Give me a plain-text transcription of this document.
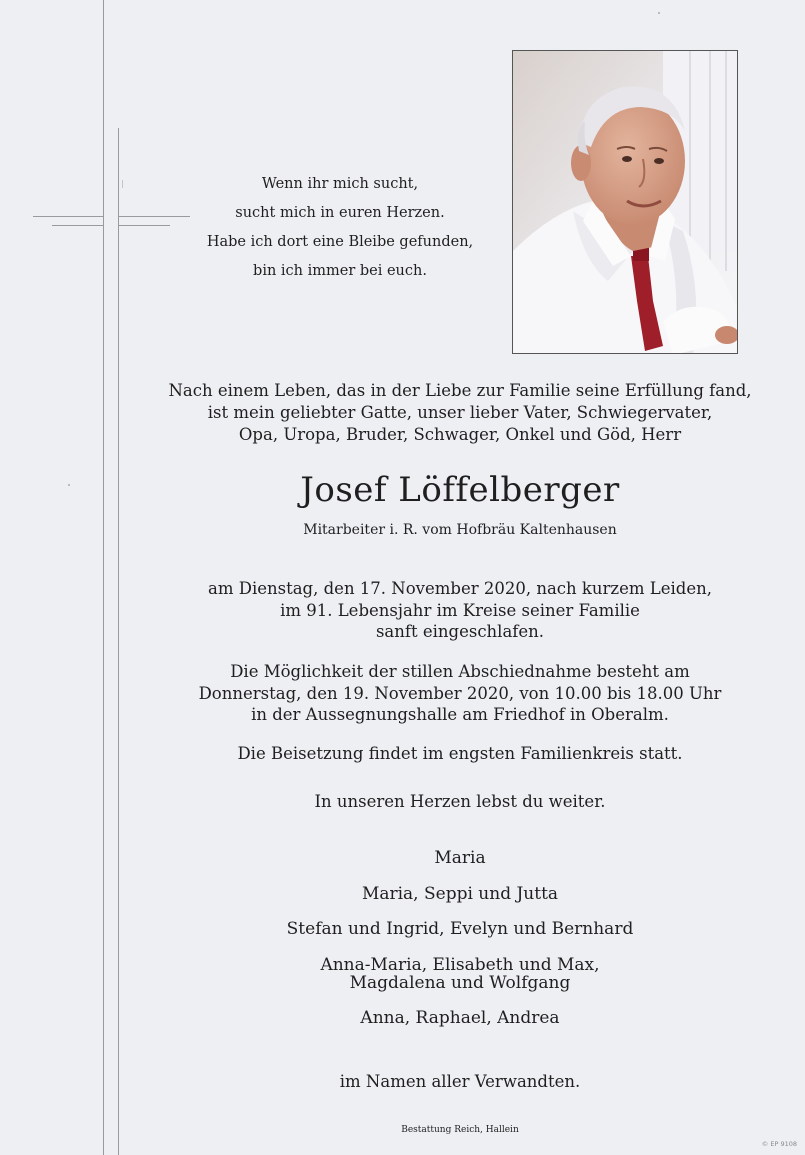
Wenn ihr mich sucht,
sucht mich in euren Herzen.
Habe ich dort eine Bleibe gefunden,
bin ich immer bei euch.
Nach einem Leben, das in der Liebe zur Familie seine Erfüllung fand,
ist mein geliebter Gatte, unser lieber Vater, Schwiegervater,
Opa, Uropa, Bruder, Schwager, Onkel und Göd, Herr
Josef Löffelberger
Mitarbeiter i. R. vom Hofbräu Kaltenhausen
am Dienstag, den 17. November 2020, nach kurzem Leiden,
im 91. Lebensjahr im Kreise seiner Familie
sanft eingeschlafen.
Die Möglichkeit der stillen Abschiednahme besteht am
Donnerstag, den 19. November 2020, von 10.00 bis 18.00 Uhr
in der Aussegnungshalle am Friedhof in Oberalm.
Die Beisetzung findet im engsten Familienkreis statt.
In unseren Herzen lebst du weiter.
Maria
Maria, Seppi und Jutta
Stefan und Ingrid, Evelyn und Bernhard
Anna-Maria, Elisabeth und Max,
Magdalena und Wolfgang
Anna, Raphael, Andrea
im Namen aller Verwandten.
Bestattung Reich, Hallein
© EP 9108
